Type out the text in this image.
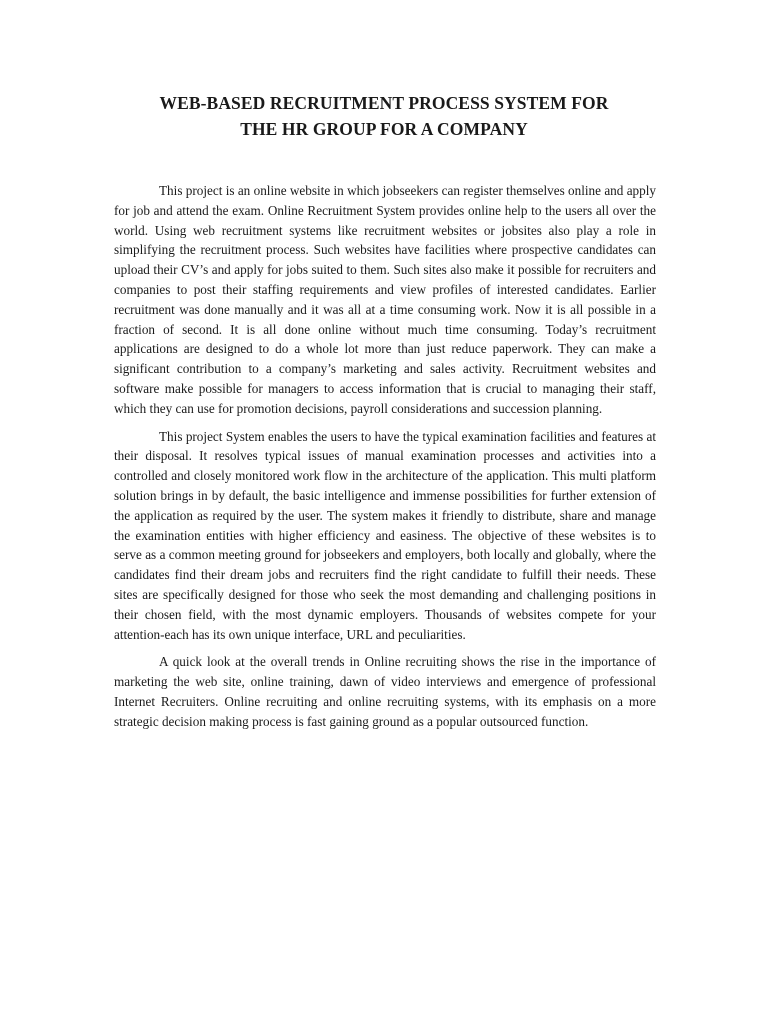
WEB-BASED RECRUITMENT PROCESS SYSTEM FOR
THE HR GROUP FOR A COMPANY

This project is an online website in which jobseekers can register themselves online and apply for job and attend the exam. Online Recruitment System provides online help to the users all over the world. Using web recruitment systems like recruitment websites or jobsites also play a role in simplifying the recruitment process. Such websites have facilities where prospective candidates can upload their CV’s and apply for jobs suited to them. Such sites also make it possible for recruiters and companies to post their staffing requirements and view profiles of interested candidates. Earlier recruitment was done manually and it was all at a time consuming work. Now it is all possible in a fraction of second. It is all done online without much time consuming. Today’s recruitment applications are designed to do a whole lot more than just reduce paperwork. They can make a significant contribution to a company’s marketing and sales activity. Recruitment websites and software make possible for managers to access information that is crucial to managing their staff, which they can use for promotion decisions, payroll considerations and succession planning.

This project System enables the users to have the typical examination facilities and features at their disposal. It resolves typical issues of manual examination processes and activities into a controlled and closely monitored work flow in the architecture of the application. This multi platform solution brings in by default, the basic intelligence and immense possibilities for further extension of the application as required by the user. The system makes it friendly to distribute, share and manage the examination entities with higher efficiency and easiness. The objective of these websites is to serve as a common meeting ground for jobseekers and employers, both locally and globally, where the candidates find their dream jobs and recruiters find the right candidate to fulfill their needs. These sites are specifically designed for those who seek the most demanding and challenging positions in their chosen field, with the most dynamic employers. Thousands of websites compete for your attention-each has its own unique interface, URL and peculiarities.

A quick look at the overall trends in Online recruiting shows the rise in the importance of marketing the web site, online training, dawn of video interviews and emergence of professional Internet Recruiters. Online recruiting and online recruiting systems, with its emphasis on a more strategic decision making process is fast gaining ground as a popular outsourced function.
